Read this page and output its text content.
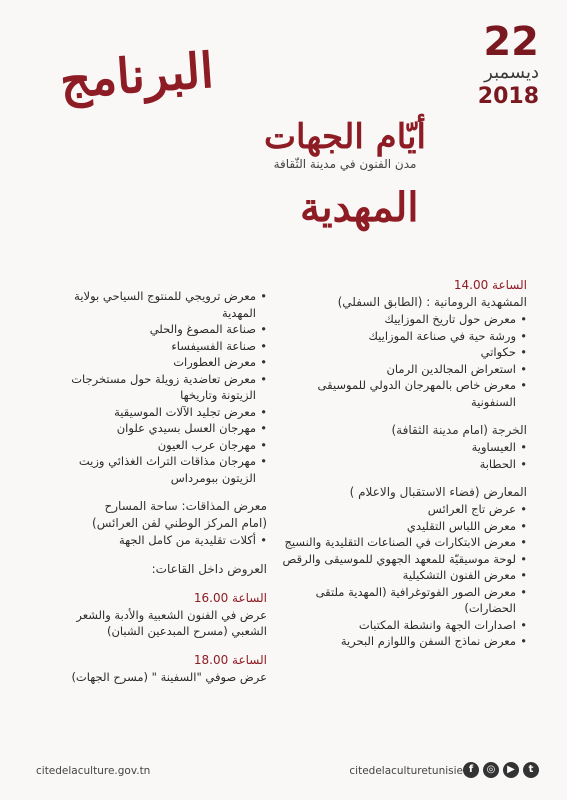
22
ديسمبر
2018
البرنامج
أيّام الجهات
مدن الفنون في مدينة الثّقافة
المهدية
الساعة 14.00
المشهدية الرومانية : (الطابق السفلي)
• معرض حول تاريخ الموزاييك
• ورشة حية في صناعة الموزاييك
• حكواتي
• استعراض المجالدين الرمان
• معرض خاص بالمهرجان الدولي للموسيقى السنفونية
الخرجة (امام مدينة الثقافة)
• العيساوية
• الحطابة
المعارض (فضاء الاستقبال والاعلام )
• عرض تاج العرائس
• معرض اللباس التقليدي
• معرض الابتكارات في الصناعات التقليدية والنسيج
• لوحة موسيقيّة للمعهد الجهوي للموسيقى والرقص
• معرض الفنون التشكيلية
• معرض الصور الفوتوغرافية (المهدية ملتقى الحضارات)
• اصدارات الجهة وانشطة المكتبات
• معرض نماذج السفن واللوازم البحرية
• معرض ترويجي للمنتوج السياحي بولاية المهدية
• صناعة المصوغ والحلي
• صناعة الفسيفساء
• معرض العطورات
• معرض تعاضدية زويلة حول مستخرجات الزيتونة وتاريخها
• معرض تجليد الآلات الموسيقية
• مهرجان العسل بسيدي علوان
• مهرجان عرب العيون
• مهرجان مذاقات التراث الغذائي وزيت الزيتون ببومرداس
معرض المذاقات: ساحة المسارح
(امام المركز الوطني لفن العرائس)
• أكلات تقليدية من كامل الجهة
العروض داخل القاعات:
الساعة 16.00
عرض في الفنون الشعبية والأدبة والشعر الشعبي (مسرح المبدعين الشبان)
الساعة 18.00
عرض صوفي "السفينة " (مسرح الجهات)
citedelaculture.gov.tn	citedelaculturetunisie f	◎	▶	t
